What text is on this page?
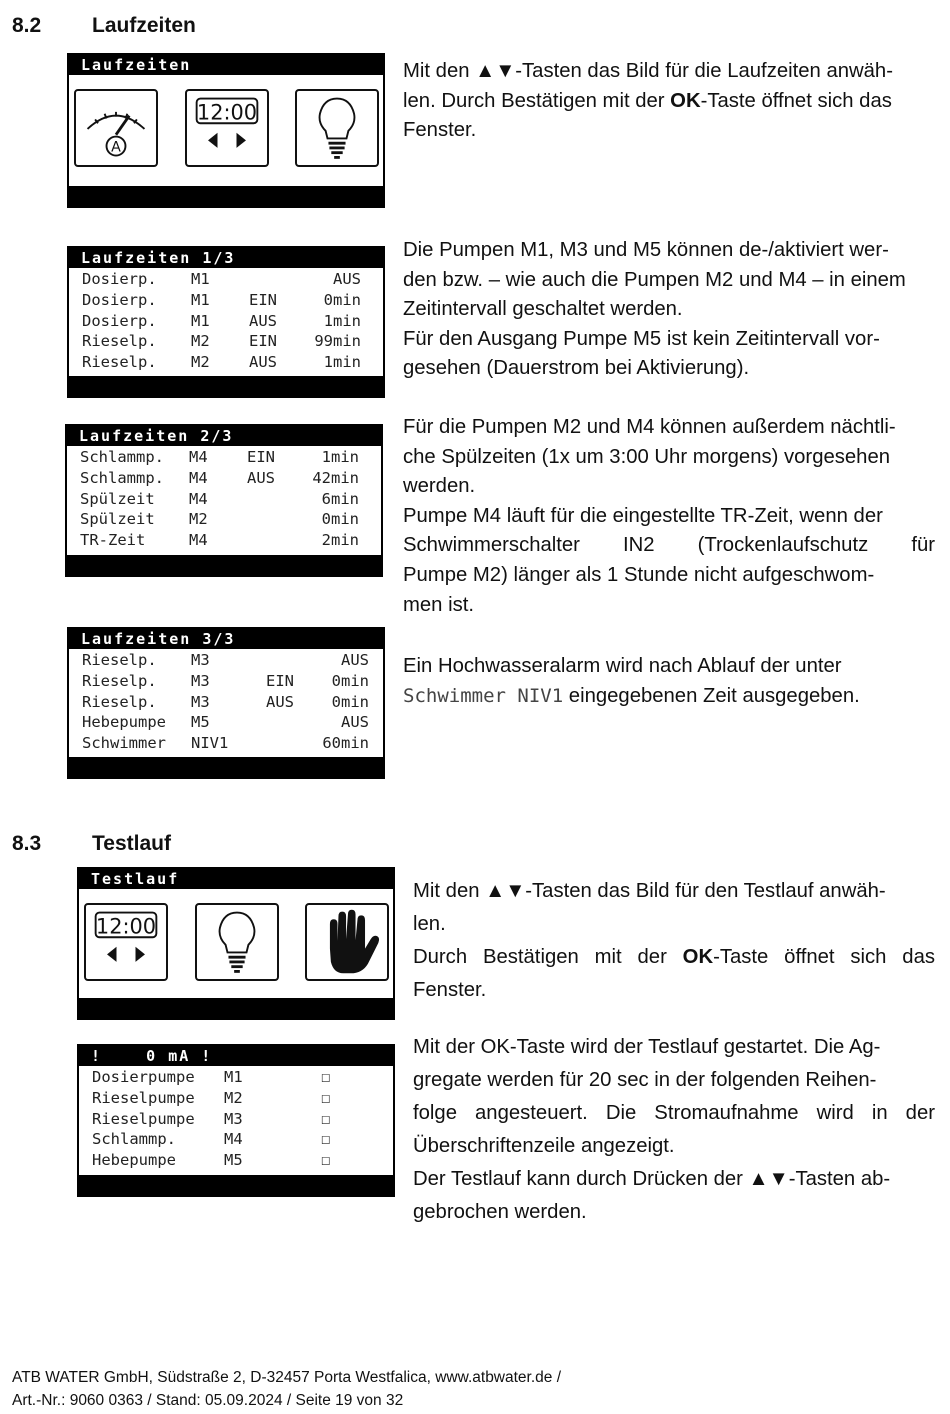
8.2 Laufzeiten
Laufzeiten
A
12:00

↵ Auswahl

↑↓Blättern

Mit den ▲▼-Tasten das Bild für die Laufzeiten anwäh-

len. Durch Bestätigen mit der OK-Taste öffnet sich das

Fenster.

Laufzeiten 1/3
Dosierp. M1	AUS
Dosierp. M1	EIN	0min
Dosierp. M1	AUS	1min
Rieselp. M2	EIN 99min
Rieselp. M2	AUS	1min

↵ Auswahl

Die Pumpen M1, M3 und M5 können de-/aktiviert wer-

den bzw. – wie auch die Pumpen M2 und M4 – in einem

Zeitintervall geschaltet werden.

Für den Ausgang Pumpe M5 ist kein Zeitintervall vor-

gesehen (Dauerstrom bei Aktivierung).

Laufzeiten 2/3
Schlammp. M4	EIN	1min
Schlammp. M4	AUS 42min
Spülzeit M4	6min
Spülzeit M2	0min
TR-Zeit	M4	2min

↵ Auswahl

↑↓Blättern

Für die Pumpen M2 und M4 können außerdem nächtli-

che Spülzeiten (1x um 3:00 Uhr morgens) vorgesehen

werden.

Pumpe M4 läuft für die eingestellte TR-Zeit, wenn der

Schwimmerschalter IN2 (Trockenlaufschutz für

Pumpe M2) länger als 1 Stunde nicht aufgeschwom-

men ist.

Laufzeiten 3/3
Rieselp. M3	AUS
Rieselp. M3	EIN 0min
Rieselp. M3	AUS 0min
Hebepumpe M5	AUS
Schwimmer NIV1	60min

↵ Auswahl

↑↓Blättern

Ein Hochwasseralarm wird nach Ablauf der unter

Schwimmer NIV1 eingegebenen Zeit ausgegeben.

8.3 Testlauf
Testlauf
12:00

↵ Auswahl

Mit den ▲▼-Tasten das Bild für den Testlauf anwäh-

len.

Durch Bestätigen mit der OK-Taste öffnet sich das

Fenster.

!    0 mA !
Dosierpumpe M1	☐
Rieselpumpe M2	☐
Rieselpumpe M3	☐
Schlammp.	M4	☐
Hebepumpe	M5	☐

↵  Start

↑↓Blättern

Mit der OK-Taste wird der Testlauf gestartet. Die Ag-

gregate werden für 20 sec in der folgenden Reihen-

folge angesteuert. Die Stromaufnahme wird in der

Überschriftenzeile angezeigt.

Der Testlauf kann durch Drücken der ▲▼-Tasten ab-

gebrochen werden.

ATB WATER GmbH, Südstraße 2, D-32457 Porta Westfalica, www.atbwater.de /
Art.-Nr.: 9060 0363 / Stand: 05.09.2024 / Seite 19 von 32
